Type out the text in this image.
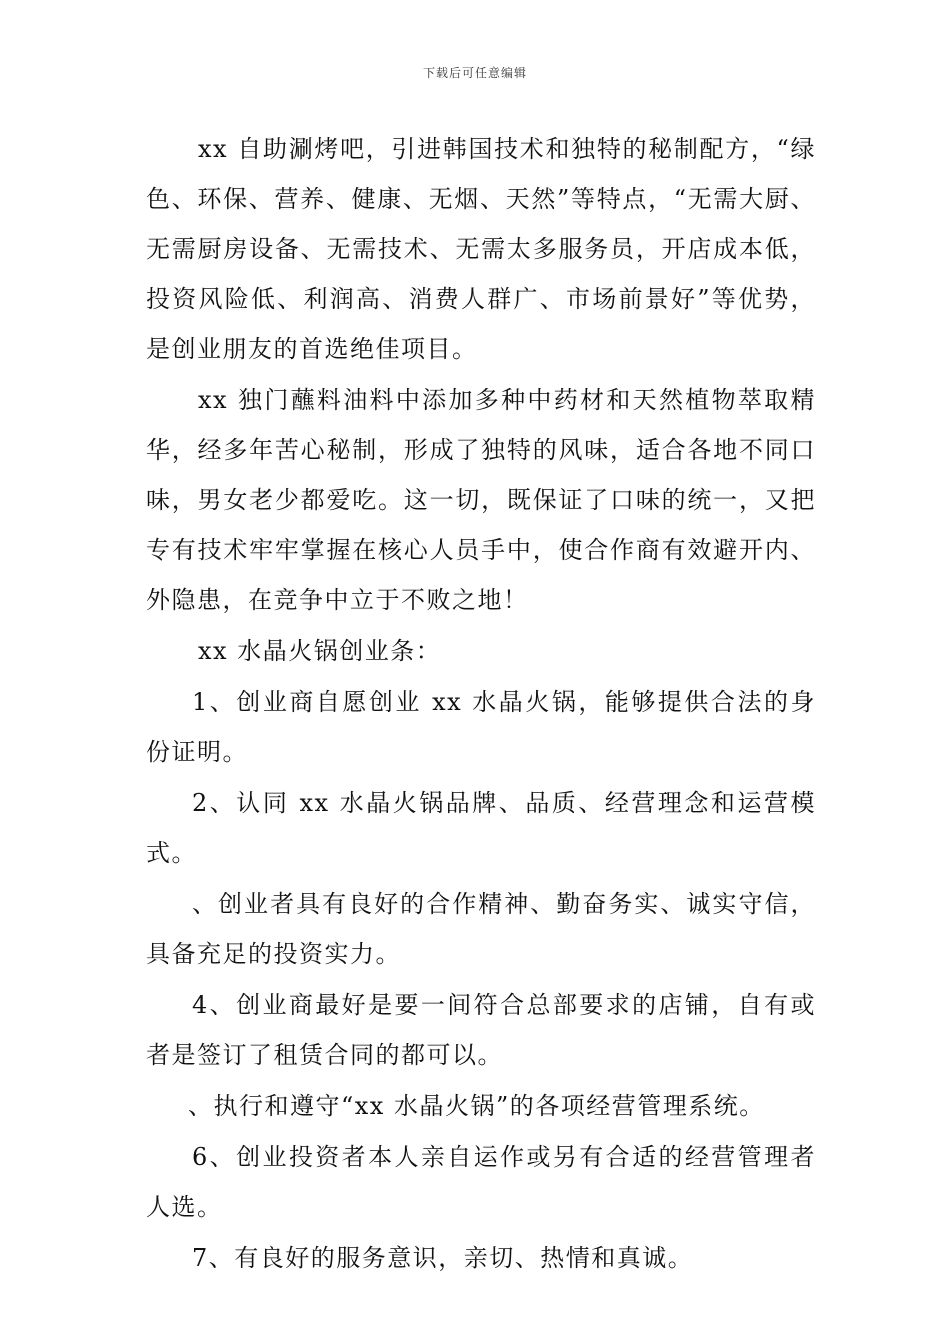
下载后可任意编辑

xx 自助涮烤吧，引进韩国技术和独特的秘制配方，“绿色、环保、营养、健康、无烟、天然”等特点，“无需大厨、无需厨房设备、无需技术、无需太多服务员，开店成本低，投资风险低、利润高、消费人群广、市场前景好”等优势，是创业朋友的首选绝佳项目。

xx 独门蘸料油料中添加多种中药材和天然植物萃取精华，经多年苦心秘制，形成了独特的风味，适合各地不同口味，男女老少都爱吃。这一切，既保证了口味的统一，又把专有技术牢牢掌握在核心人员手中，使合作商有效避开内、外隐患，在竞争中立于不败之地！

xx 水晶火锅创业条：

1、创业商自愿创业 xx 水晶火锅，能够提供合法的身份证明。

2、认同 xx 水晶火锅品牌、品质、经营理念和运营模式。

、创业者具有良好的合作精神、勤奋务实、诚实守信，具备充足的投资实力。

4、创业商最好是要一间符合总部要求的店铺，自有或者是签订了租赁合同的都可以。

、执行和遵守“xx 水晶火锅”的各项经营管理系统。

6、创业投资者本人亲自运作或另有合适的经营管理者人选。

7、有良好的服务意识，亲切、热情和真诚。
